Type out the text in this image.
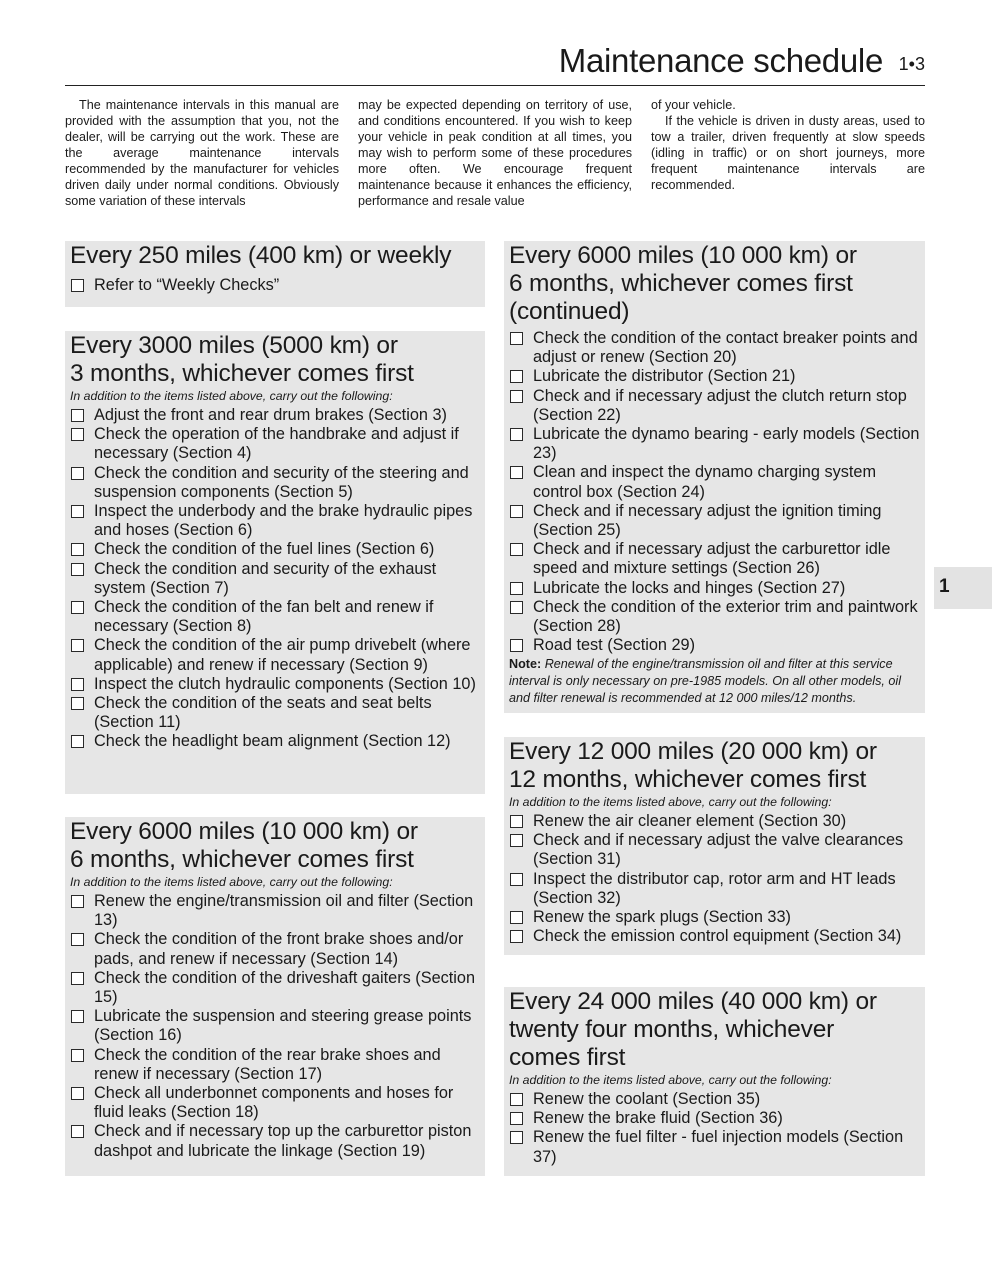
Maintenance schedule 1•3

The maintenance intervals in this manual are provided with the assumption that you, not the dealer, will be carrying out the work. These are the average maintenance intervals recommended by the manufacturer for vehicles driven daily under normal conditions. Obviously some variation of these intervals

may be expected depending on territory of use, and conditions encountered. If you wish to keep your vehicle in peak condition at all times, you may wish to perform some of these procedures more often. We encourage frequent maintenance because it enhances the efficiency, performance and resale value

of your vehicle.

If the vehicle is driven in dusty areas, used to tow a trailer, driven frequently at slow speeds (idling in traffic) or on short journeys, more frequent maintenance intervals are recommended.

1
Every 250 miles (400 km) or weekly
Refer to “Weekly Checks”
Every 3000 miles (5000 km) or
3 months, whichever comes first
In addition to the items listed above, carry out the following:
Adjust the front and rear drum brakes (Section 3)
Check the operation of the handbrake and adjust if necessary (Section 4)
Check the condition and security of the steering and suspension components (Section 5)
Inspect the underbody and the brake hydraulic pipes and hoses (Section 6)
Check the condition of the fuel lines (Section 6)
Check the condition and security of the exhaust system (Section 7)
Check the condition of the fan belt and renew if necessary (Section 8)
Check the condition of the air pump drivebelt (where applicable) and renew if necessary (Section 9)
Inspect the clutch hydraulic components (Section 10)
Check the condition of the seats and seat belts (Section 11)
Check the headlight beam alignment (Section 12)
Every 6000 miles (10 000 km) or
6 months, whichever comes first
In addition to the items listed above, carry out the following:
Renew the engine/transmission oil and filter (Section 13)
Check the condition of the front brake shoes and/or pads, and renew if necessary (Section 14)
Check the condition of the driveshaft gaiters (Section 15)
Lubricate the suspension and steering grease points (Section 16)
Check the condition of the rear brake shoes and renew if necessary (Section 17)
Check all underbonnet components and hoses for fluid leaks (Section 18)
Check and if necessary top up the carburettor piston dashpot and lubricate the linkage (Section 19)
Every 6000 miles (10 000 km) or
6 months, whichever comes first
(continued)
Check the condition of the contact breaker points and adjust or renew (Section 20)
Lubricate the distributor (Section 21)
Check and if necessary adjust the clutch return stop (Section 22)
Lubricate the dynamo bearing - early models (Section 23)
Clean and inspect the dynamo charging system control box (Section 24)
Check and if necessary adjust the ignition timing (Section 25)
Check and if necessary adjust the carburettor idle speed and mixture settings (Section 26)
Lubricate the locks and hinges (Section 27)
Check the condition of the exterior trim and paintwork (Section 28)
Road test (Section 29)
Note: Renewal of the engine/transmission oil and filter at this service interval is only necessary on pre-1985 models. On all other models, oil and filter renewal is recommended at 12 000 miles/12 months.
Every 12 000 miles (20 000 km) or
12 months, whichever comes first
In addition to the items listed above, carry out the following:
Renew the air cleaner element (Section 30)
Check and if necessary adjust the valve clearances (Section 31)
Inspect the distributor cap, rotor arm and HT leads (Section 32)
Renew the spark plugs (Section 33)
Check the emission control equipment (Section 34)
Every 24 000 miles (40 000 km) or
twenty four months, whichever
comes first
In addition to the items listed above, carry out the following:
Renew the coolant (Section 35)
Renew the brake fluid (Section 36)
Renew the fuel filter - fuel injection models (Section 37)
